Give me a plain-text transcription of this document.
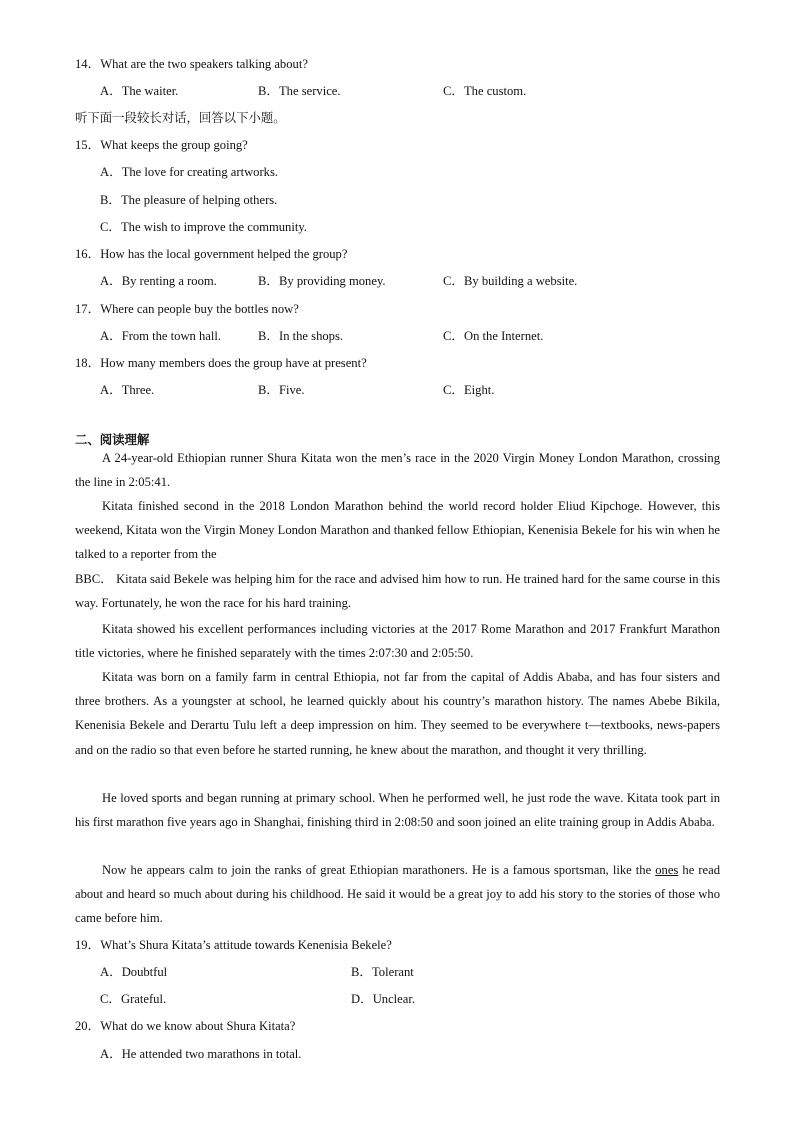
14．What are the two speakers talking about?
A．The waiter.	B．The service.	C．The custom.
听下面一段较长对话，回答以下小题。
15．What keeps the group going?
A．The love for creating artworks.
B．The pleasure of helping others.
C．The wish to improve the community.
16．How has the local government helped the group?
A．By renting a room.	B．By providing money.	C．By building a website.
17．Where can people buy the bottles now?
A．From the town hall.	B．In the shops.	C．On the Internet.
18．How many members does the group have at present?
A．Three.	B．Five.	C．Eight.
二、阅读理解
A 24-year-old Ethiopian runner Shura Kitata won the men’s race in the 2020 Virgin Money London Marathon, crossing the line in 2:05:41.
Kitata finished second in the 2018 London Marathon behind the world record holder Eliud Kipchoge. However, this weekend, Kitata won the Virgin Money London Marathon and thanked fellow Ethiopian, Kenenisia Bekele for his win when he talked to a reporter from the
BBC． Kitata said Bekele was helping him for the race and advised him how to run. He trained hard for the same course in this way. Fortunately, he won the race for his hard training.
Kitata showed his excellent performances including victories at the 2017 Rome Marathon and 2017 Frankfurt Marathon title victories, where he finished separately with the times 2:07:30 and 2:05:50.
Kitata was born on a family farm in central Ethiopia, not far from the capital of Addis Ababa, and has four sisters and three brothers. As a youngster at school, he learned quickly about his country’s marathon history. The names Abebe Bikila, Kenenisia Bekele and Derartu Tulu left a deep impression on him. They seemed to be everywhere t—textbooks, news-papers and on the radio so that even before he started running, he knew about the marathon, and thought it very thrilling.
He loved sports and began running at primary school. When he performed well, he just rode the wave. Kitata took part in his first marathon five years ago in Shanghai, finishing third in 2:08:50 and soon joined an elite training group in Addis Ababa.
Now he appears calm to join the ranks of great Ethiopian marathoners. He is a famous sportsman, like the ones he read about and heard so much about during his childhood. He said it would be a great joy to add his story to the stories of those who came before him.
19．What’s Shura Kitata’s attitude towards Kenenisia Bekele?
A．Doubtful	B．Tolerant
C．Grateful.	D．Unclear.
20．What do we know about Shura Kitata?
A．He attended two marathons in total.
